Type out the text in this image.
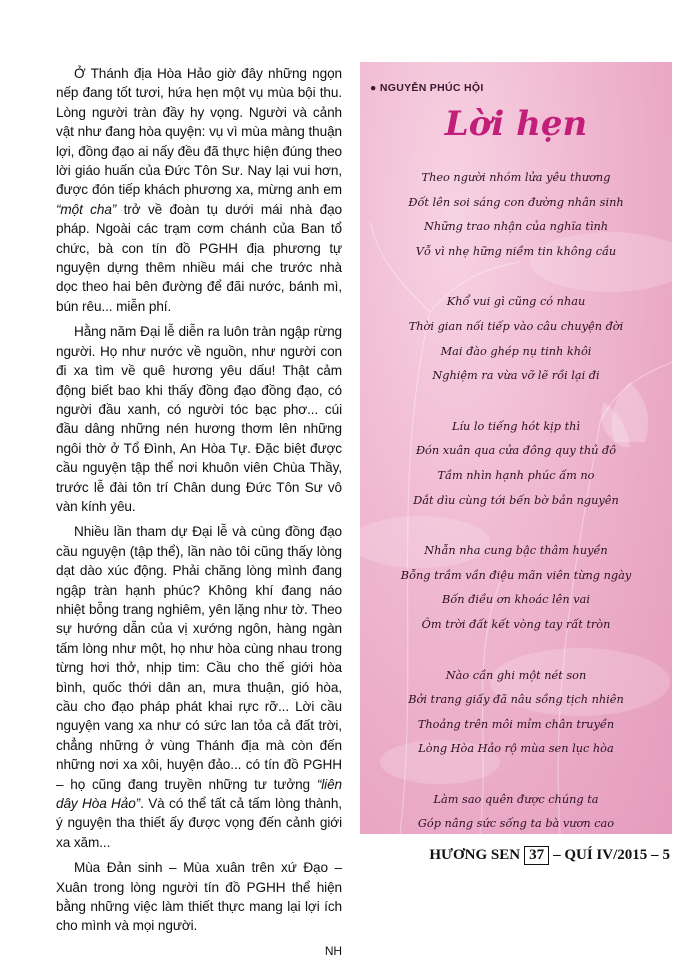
Ở Thánh địa Hòa Hảo giờ đây những ngọn nếp đang tốt tươi, hứa hẹn một vụ mùa bội thu. Lòng người tràn đầy hy vọng. Người và cảnh vật như đang hòa quyện: vụ vì mùa màng thuận lợi, đồng đạo ai nấy đều đã thực hiện đúng theo lời giáo huấn của Đức Tôn Sư. Nay lại vui hơn, được đón tiếp khách phương xa, mừng anh em “một cha” trở về đoàn tụ dưới mái nhà đạo pháp. Ngoài các trạm cơm chánh của Ban tổ chức, bà con tín đồ PGHH địa phương tự nguyện dựng thêm nhiều mái che trước nhà dọc theo hai bên đường để đãi nước, bánh mì, bún rêu... miễn phí.

Hằng năm Đại lễ diễn ra luôn tràn ngập rừng người. Họ như nước về nguồn, như người con đi xa tìm về quê hương yêu dấu! Thật cảm động biết bao khi thấy đồng đạo đồng đạo, có người đầu xanh, có người tóc bạc phơ... cúi đầu dâng những nén hương thơm lên những ngôi thờ ở Tổ Đình, An Hòa Tự. Đặc biệt được cầu nguyện tập thể nơi khuôn viên Chùa Thầy, trước lễ đài tôn trí Chân dung Đức Tôn Sư vô vàn kính yêu.

Nhiều lần tham dự Đại lễ và cùng đồng đạo cầu nguyện (tập thể), lần nào tôi cũng thấy lòng dạt dào xúc động. Phải chăng lòng mình đang ngập tràn hạnh phúc? Không khí đang náo nhiệt bỗng trang nghiêm, yên lặng như tờ. Theo sự hướng dẫn của vị xướng ngôn, hàng ngàn tấm lòng như một, họ như hòa cùng nhau trong từng hơi thở, nhịp tim: Cầu cho thế giới hòa bình, quốc thới dân an, mưa thuận, gió hòa, cầu cho đạo pháp phát khai rực rỡ... Lời cầu nguyện vang xa như có sức lan tỏa cả đất trời, chẳng những ở vùng Thánh địa mà còn đến những nơi xa xôi, huyện đảo... có tín đồ PGHH – họ cũng đang truyền những tư tưởng “liên dây Hòa Hảo”. Và có thể tất cả tấm lòng thành, ý nguyện tha thiết ấy được vọng đến cảnh giới xa xăm...

Mùa Đản sinh – Mùa xuân trên xứ Đạo – Xuân trong lòng người tín đồ PGHH thể hiện bằng những việc làm thiết thực mang lại lợi ích cho mình và mọi người.

NH
● NGUYỄN PHÚC HỘI
Lời hẹn
Theo người nhóm lửa yêu thương
Đốt lên soi sáng con đường nhân sinh
Những trao nhận của nghĩa tình
Vỗ vì nhẹ hững niềm tin không cầu
Khổ vui gì cũng có nhau
Thời gian nối tiếp vào câu chuyện đời
Mai đào ghép nụ tinh khôi
Nghiệm ra vừa vỡ lẽ rồi lại đi
Líu lo tiếng hót kịp thì
Đón xuân qua cửa đông quy thủ đô
Tầm nhìn hạnh phúc ấm no
Dắt dìu cùng tới bến bờ bản nguyên
Nhẫn nha cung bậc thâm huyền
Bỗng trầm vần điệu mãn viên từng ngày
Bốn điều ơn khoác lên vai
Ôm trời đất kết vòng tay rất tròn
Nào cần ghi một nét son
Bởi trang giấy đã nâu sồng tịch nhiên
Thoảng trên môi mỉm chân truyền
Lòng Hòa Hảo rộ mùa sen lục hòa
Làm sao quên được chúng ta
Góp nâng sức sống ta bà vươn cao
HƯƠNG SEN 37 – QUÍ IV/2015 – 5
